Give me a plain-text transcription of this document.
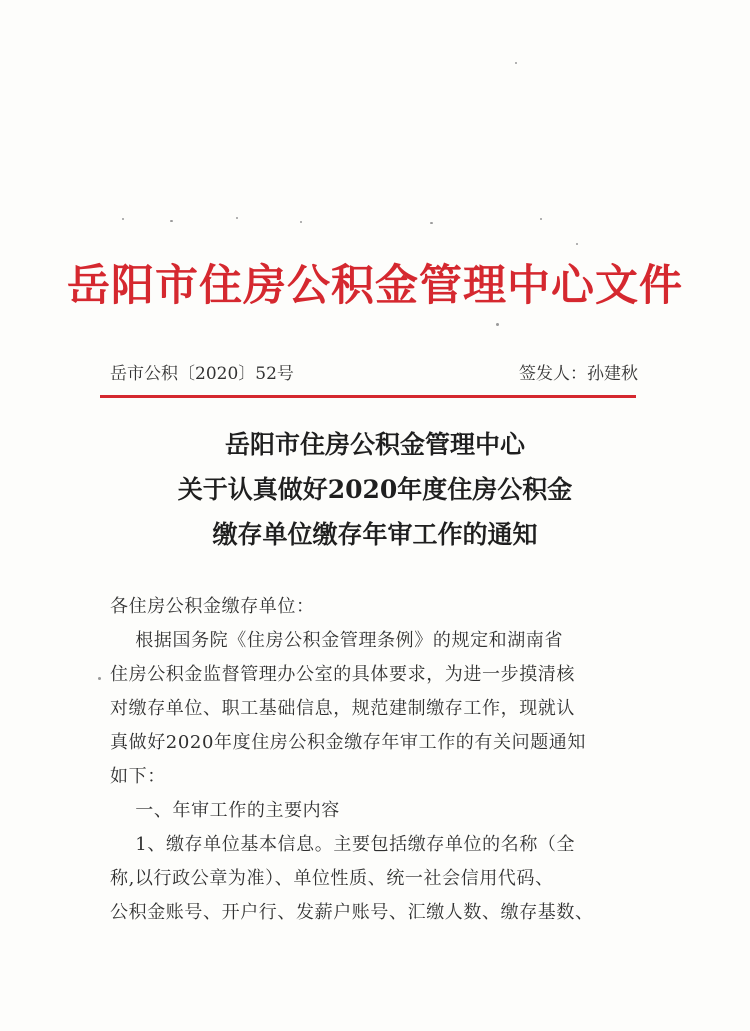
岳阳市住房公积金管理中心文件
岳市公积〔2020〕52号	签发人：孙建秋
岳阳市住房公积金管理中心
关于认真做好2020年度住房公积金
缴存单位缴存年审工作的通知
各住房公积金缴存单位：
根据国务院《住房公积金管理条例》的规定和湖南省
住房公积金监督管理办公室的具体要求，为进一步摸清核
对缴存单位、职工基础信息，规范建制缴存工作，现就认
真做好2020年度住房公积金缴存年审工作的有关问题通知
如下：
一、年审工作的主要内容
1、缴存单位基本信息。主要包括缴存单位的名称（全
称,以行政公章为准）、单位性质、统一社会信用代码、
公积金账号、开户行、发薪户账号、汇缴人数、缴存基数、
